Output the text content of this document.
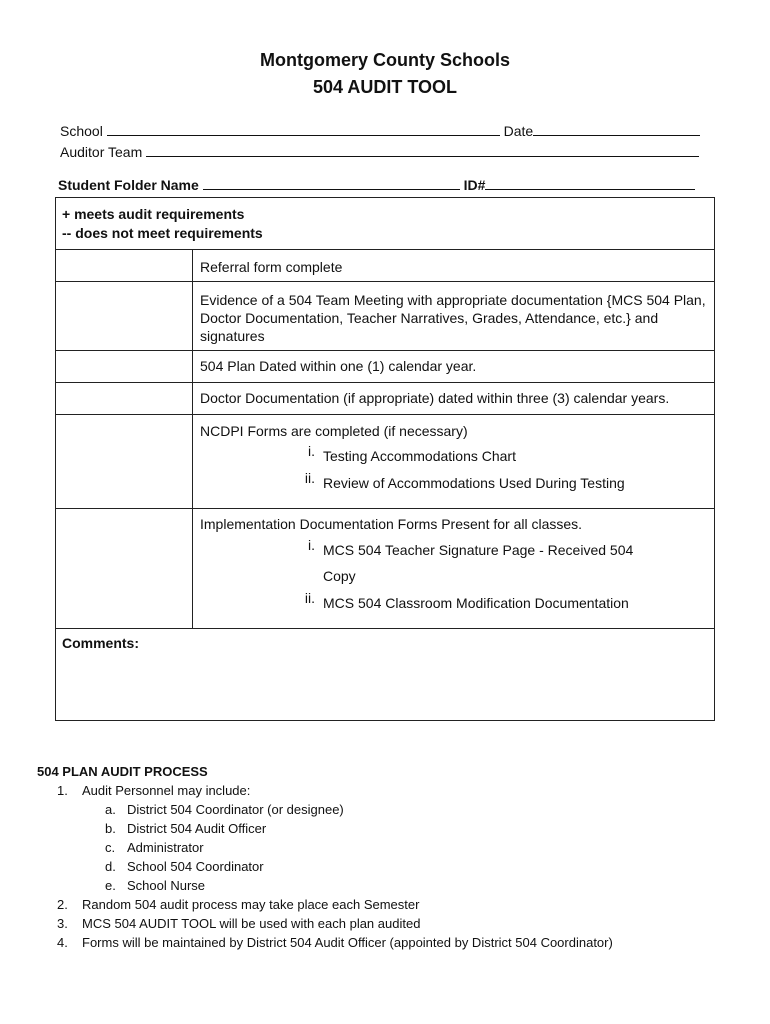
Montgomery County Schools
504 AUDIT TOOL
School	Date
Auditor Team
Student Folder Name	ID#
+ meets audit requirements
-- does not meet requirements
Referral form complete
Evidence of a 504 Team Meeting with appropriate documentation {MCS 504 Plan, Doctor Documentation, Teacher Narratives, Grades, Attendance, etc.} and signatures
504 Plan Dated within one (1) calendar year.
Doctor Documentation (if appropriate) dated within three (3) calendar years.
NCDPI Forms are completed (if necessary)
i. Testing Accommodations Chart
ii. Review of Accommodations Used During Testing
Implementation Documentation Forms Present for all classes.
i. MCS 504 Teacher Signature Page - Received 504 Copy
ii. MCS 504 Classroom Modification Documentation
Comments:
504 PLAN AUDIT PROCESS
1. Audit Personnel may include:
a. District 504 Coordinator (or designee)
b. District 504 Audit Officer
c. Administrator
d. School 504 Coordinator
e. School Nurse
2. Random 504 audit process may take place each Semester
3. MCS 504 AUDIT TOOL will be used with each plan audited
4. Forms will be maintained by District 504 Audit Officer (appointed by District 504 Coordinator)
